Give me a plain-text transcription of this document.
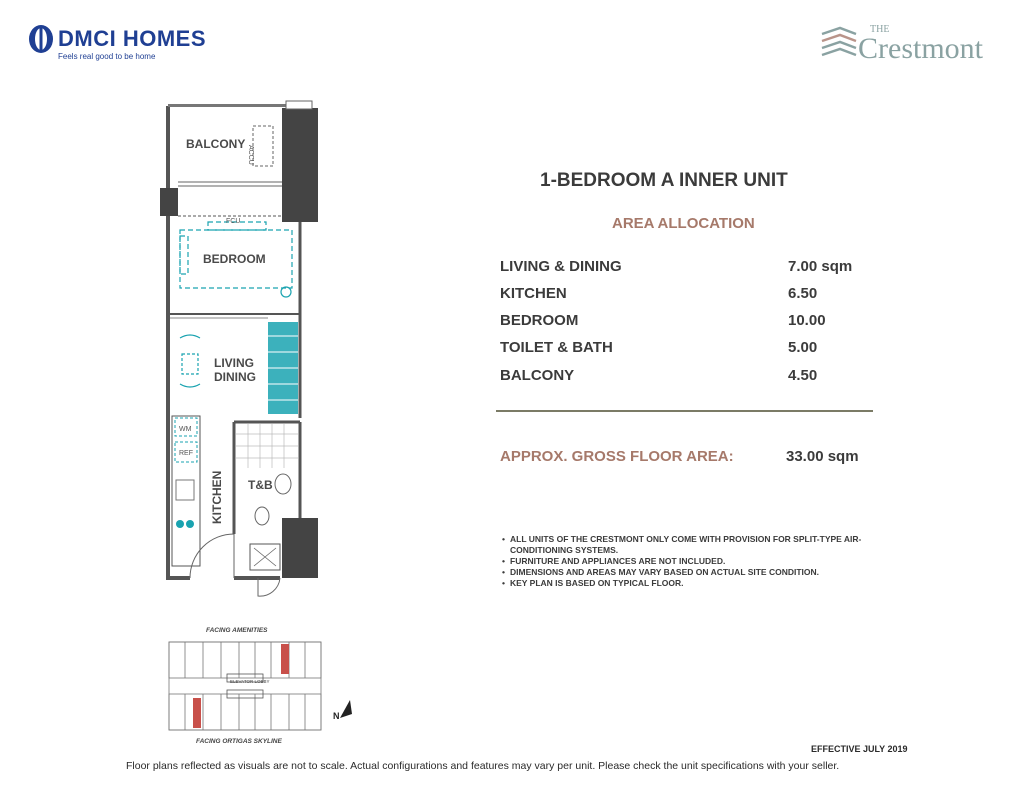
DMCI HOMES
Feels real good to be home
THE
Crestmont
BALCONY
ACCU
FCU
BEDROOM
LIVING
DINING
WM
REF
KITCHEN T&B
1-BEDROOM A INNER UNIT
AREA ALLOCATION
LIVING & DINING	7.00 sqm
KITCHEN	6.50
BEDROOM	10.00
TOILET & BATH	5.00
BALCONY	4.50
APPROX. GROSS FLOOR AREA:	33.00 sqm
• ALL UNITS OF THE CRESTMONT ONLY COME WITH PROVISION FOR SPLIT-TYPE AIR-CONDITIONING SYSTEMS.
• FURNITURE AND APPLIANCES ARE NOT INCLUDED.
• DIMENSIONS AND AREAS MAY VARY BASED ON ACTUAL SITE CONDITION.
• KEY PLAN IS BASED ON TYPICAL FLOOR.
FACING AMENITIES
ELEVATOR LOBBY
FACING ORTIGAS SKYLINE
N
EFFECTIVE JULY 2019
Floor plans reflected as visuals are not to scale. Actual configurations and features may vary per unit. Please check the unit specifications with your seller.
